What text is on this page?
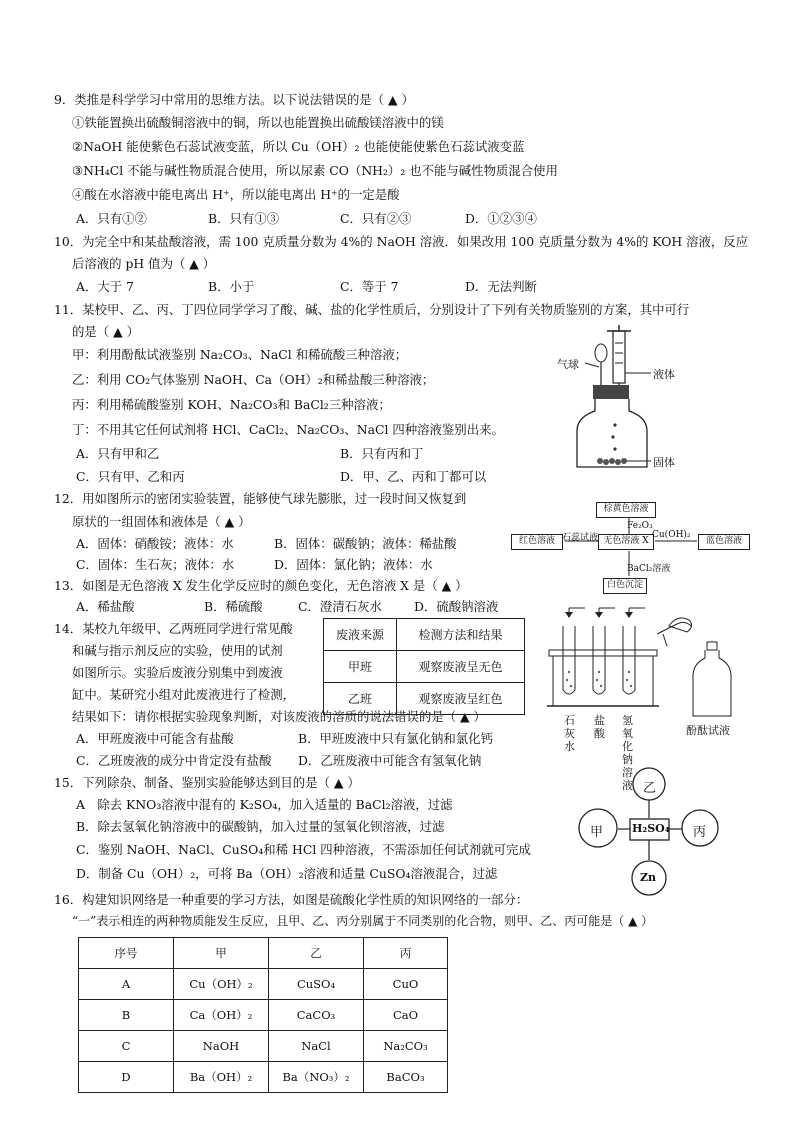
9．类推是科学学习中常用的思维方法。以下说法错误的是（ ▲ ）
①铁能置换出硫酸铜溶液中的铜，所以也能置换出硫酸镁溶液中的镁
②NaOH 能使紫色石蕊试液变蓝，所以 Cu（OH）₂ 也能使能使紫色石蕊试液变蓝
③NH₄Cl 不能与碱性物质混合使用，所以尿素 CO（NH₂）₂ 也不能与碱性物质混合使用
④酸在水溶液中能电离出 H⁺，所以能电离出 H⁺的一定是酸
A．只有①②	B．只有①③	C．只有②③	D．①②③④
10．为完全中和某盐酸溶液，需 100 克质量分数为 4%的 NaOH 溶液．如果改用 100 克质量分数为 4%的 KOH 溶液，反应
后溶液的 pH 值为（ ▲ ）
A．大于 7	B．小于	C．等于 7	D．无法判断
11．某校甲、乙、丙、丁四位同学学习了酸、碱、盐的化学性质后，分别设计了下列有关物质鉴别的方案，其中可行
的是（ ▲ ）
甲：利用酚酞试液鉴别 Na₂CO₃、NaCl 和稀硫酸三种溶液；
乙：利用 CO₂气体鉴别 NaOH、Ca（OH）₂和稀盐酸三种溶液；
丙：利用稀硫酸鉴别 KOH、Na₂CO₃和 BaCl₂三种溶液；
丁：不用其它任何试剂将 HCl、CaCl₂、Na₂CO₃、NaCl 四种溶液鉴别出来。
A．只有甲和乙	B．只有丙和丁
C．只有甲、乙和丙	D．甲、乙、丙和丁都可以
气球
液体
固体
12．用如图所示的密闭实验装置，能够使气球先膨胀，过一段时间又恢复到
原状的一组固体和液体是（ ▲ ）
A．固体：硝酸铵；液体：水	B．固体：碳酸钠；液体：稀盐酸
C．固体：生石灰；液体：水	D．固体：氯化钠；液体：水
棕黄色溶液
Fe₂O₃
红色溶液 石蕊试液 无色溶液 X
Cu(OH)₂
蓝色溶液
BaCl₂溶液
白色沉淀
13．如图是无色溶液 X 发生化学反应时的颜色变化，无色溶液 X 是（ ▲ ）
A．稀盐酸	B．稀硫酸	C．澄清石灰水	D．硫酸钠溶液
14．某校九年级甲、乙两班同学进行常见酸
和碱与指示剂反应的实验，使用的试剂
如图所示。实验后废液分别集中到废液
缸中。某研究小组对此废液进行了检测，
结果如下：请你根据实验现象判断，对该废液的溶质的说法错误的是（ ▲ ）
A．甲班废液中可能含有盐酸	B．甲班废液中只有氯化钠和氯化钙
C．乙班废液的成分中肯定没有盐酸 D．乙班废液中可能含有氢氧化钠
废液来源	检测方法和结果
甲班	观察废液呈无色
乙班	观察废液呈红色
石灰水
盐酸
氢氧化钠溶液
酚酞试液
15．下列除杂、制备、鉴别实验能够达到目的是（ ▲ ）
A　除去 KNO₃溶液中混有的 K₂SO₄，加入适量的 BaCl₂溶液，过滤
B．除去氢氧化钠溶液中的碳酸钠，加入过量的氢氧化钡溶液，过滤
C．鉴别 NaOH、NaCl、CuSO₄和稀 HCl 四种溶液，不需添加任何试剂就可完成
D．制备 Cu（OH）₂，可将 Ba（OH）₂溶液和适量 CuSO₄溶液混合，过滤
乙
甲	H₂SO₄ 丙
Zn
16．构建知识网络是一种重要的学习方法，如图是硫酸化学性质的知识网络的一部分：
“一”表示相连的两种物质能发生反应，且甲、乙、丙分别属于不同类别的化合物，则甲、乙、丙可能是（ ▲ ）
序号	甲	乙	丙
A	Cu（OH）₂	CuSO₄	CuO
B	Ca（OH）₂	CaCO₃	CaO
C	NaOH	NaCl	Na₂CO₃
D	Ba（OH）₂	Ba（NO₃）₂	BaCO₃
